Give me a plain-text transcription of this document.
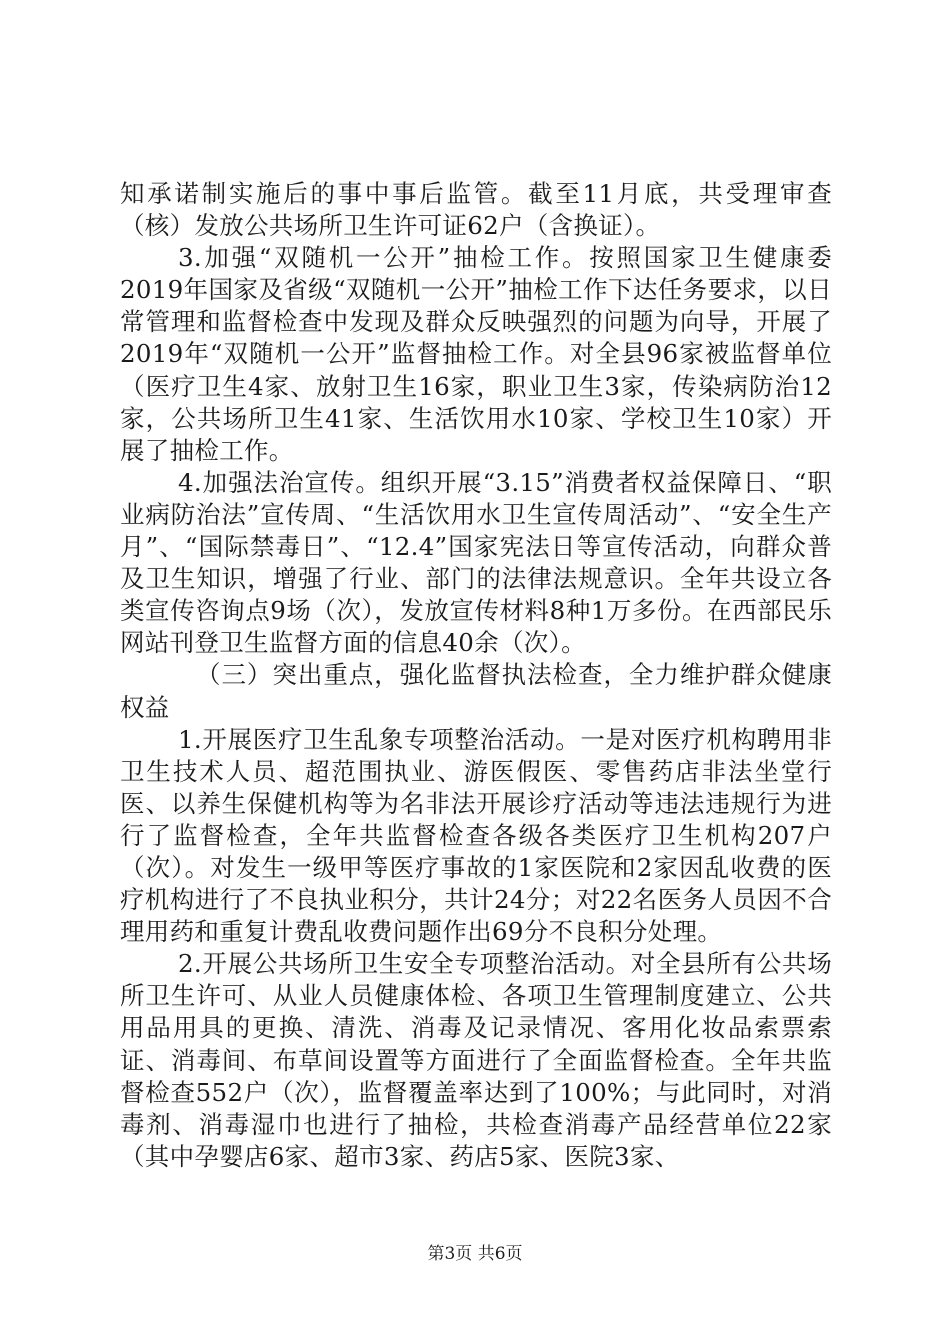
知承诺制实施后的事中事后监管。截至11月底，共受理审查（核）发放公共场所卫生许可证62户（含换证）。

3.加强“双随机一公开”抽检工作。按照国家卫生健康委2019年国家及省级“双随机一公开”抽检工作下达任务要求，以日常管理和监督检查中发现及群众反映强烈的问题为向导，开展了2019年“双随机一公开”监督抽检工作。对全县96家被监督单位（医疗卫生4家、放射卫生16家，职业卫生3家，传染病防治12家，公共场所卫生41家、生活饮用水10家、学校卫生10家）开展了抽检工作。

4.加强法治宣传。组织开展“3.15”消费者权益保障日、“职业病防治法”宣传周、“生活饮用水卫生宣传周活动”、“安全生产月”、“国际禁毒日”、“12.4”国家宪法日等宣传活动，向群众普及卫生知识，增强了行业、部门的法律法规意识。全年共设立各类宣传咨询点9场（次），发放宣传材料8种1万多份。在西部民乐网站刊登卫生监督方面的信息40余（次）。

（三）突出重点，强化监督执法检查，全力维护群众健康权益

1.开展医疗卫生乱象专项整治活动。一是对医疗机构聘用非卫生技术人员、超范围执业、游医假医、零售药店非法坐堂行医、以养生保健机构等为名非法开展诊疗活动等违法违规行为进行了监督检查，全年共监督检查各级各类医疗卫生机构207户（次）。对发生一级甲等医疗事故的1家医院和2家因乱收费的医疗机构进行了不良执业积分，共计24分；对22名医务人员因不合理用药和重复计费乱收费问题作出69分不良积分处理。

2.开展公共场所卫生安全专项整治活动。对全县所有公共场所卫生许可、从业人员健康体检、各项卫生管理制度建立、公共用品用具的更换、清洗、消毒及记录情况、客用化妆品索票索证、消毒间、布草间设置等方面进行了全面监督检查。全年共监督检查552户（次），监督覆盖率达到了100%；与此同时，对消毒剂、消毒湿巾也进行了抽检，共检查消毒产品经营单位22家（其中孕婴店6家、超市3家、药店5家、医院3家、

第3页 共6页
